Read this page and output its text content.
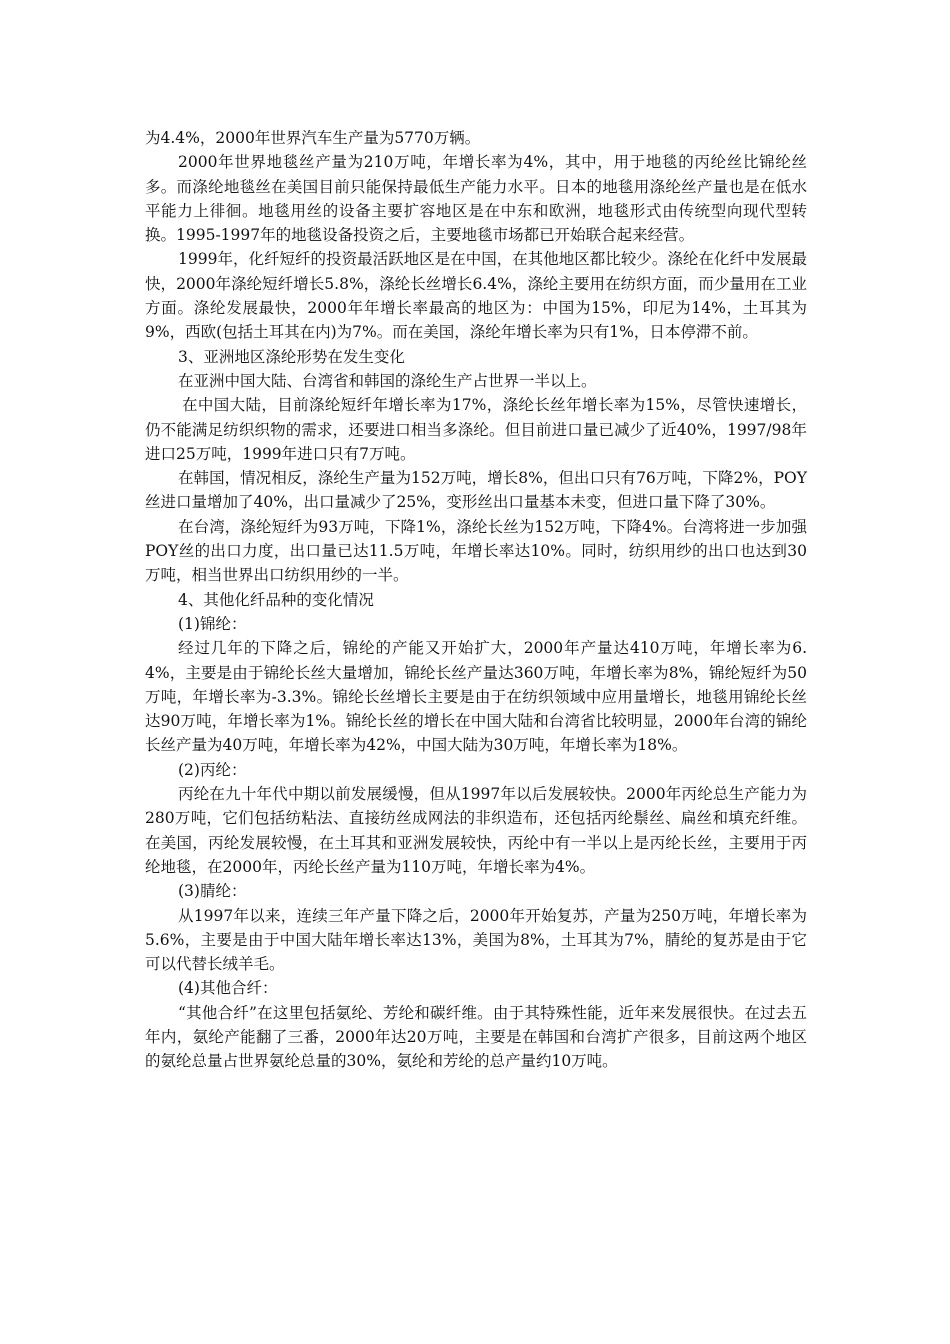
为4.4%，2000年世界汽车生产量为5770万辆。

2000年世界地毯丝产量为210万吨，年增长率为4%，其中，用于地毯的丙纶丝比锦纶丝多。而涤纶地毯丝在美国目前只能保持最低生产能力水平。日本的地毯用涤纶丝产量也是在低水平能力上徘徊。地毯用丝的设备主要扩容地区是在中东和欧洲，地毯形式由传统型向现代型转换。1995-1997年的地毯设备投资之后，主要地毯市场都已开始联合起来经营。

1999年，化纤短纤的投资最活跃地区是在中国，在其他地区都比较少。涤纶在化纤中发展最快，2000年涤纶短纤增长5.8%，涤纶长丝增长6.4%，涤纶主要用在纺织方面，而少量用在工业方面。涤纶发展最快，2000年年增长率最高的地区为：中国为15%，印尼为14%，土耳其为9%，西欧(包括土耳其在内)为7%。而在美国，涤纶年增长率为只有1%，日本停滞不前。

3、亚洲地区涤纶形势在发生变化

在亚洲中国大陆、台湾省和韩国的涤纶生产占世界一半以上。

在中国大陆，目前涤纶短纤年增长率为17%，涤纶长丝年增长率为15%，尽管快速增长，仍不能满足纺织织物的需求，还要进口相当多涤纶。但目前进口量已减少了近40%，1997/98年进口25万吨，1999年进口只有7万吨。

在韩国，情况相反，涤纶生产量为152万吨，增长8%，但出口只有76万吨，下降2%，POY丝进口量增加了40%，出口量减少了25%，变形丝出口量基本未变，但进口量下降了30%。

在台湾，涤纶短纤为93万吨，下降1%，涤纶长丝为152万吨，下降4%。台湾将进一步加强POY丝的出口力度，出口量已达11.5万吨，年增长率达10%。同时，纺织用纱的出口也达到30万吨，相当世界出口纺织用纱的一半。

4、其他化纤品种的变化情况

(1)锦纶：

经过几年的下降之后，锦纶的产能又开始扩大，2000年产量达410万吨，年增长率为6.4%，主要是由于锦纶长丝大量增加，锦纶长丝产量达360万吨，年增长率为8%，锦纶短纤为50万吨，年增长率为-3.3%。锦纶长丝增长主要是由于在纺织领域中应用量增长，地毯用锦纶长丝达90万吨，年增长率为1%。锦纶长丝的增长在中国大陆和台湾省比较明显，2000年台湾的锦纶长丝产量为40万吨，年增长率为42%，中国大陆为30万吨，年增长率为18%。

(2)丙纶：

丙纶在九十年代中期以前发展缓慢，但从1997年以后发展较快。2000年丙纶总生产能力为280万吨，它们包括纺粘法、直接纺丝成网法的非织造布，还包括丙纶鬃丝、扁丝和填充纤维。在美国，丙纶发展较慢，在土耳其和亚洲发展较快，丙纶中有一半以上是丙纶长丝，主要用于丙纶地毯，在2000年，丙纶长丝产量为110万吨，年增长率为4%。

(3)腈纶：

从1997年以来，连续三年产量下降之后，2000年开始复苏，产量为250万吨，年增长率为5.6%，主要是由于中国大陆年增长率达13%，美国为8%，土耳其为7%，腈纶的复苏是由于它可以代替长绒羊毛。

(4)其他合纤：

“其他合纤”在这里包括氨纶、芳纶和碳纤维。由于其特殊性能，近年来发展很快。在过去五年内，氨纶产能翻了三番，2000年达20万吨，主要是在韩国和台湾扩产很多，目前这两个地区的氨纶总量占世界氨纶总量的30%，氨纶和芳纶的总产量约10万吨。
